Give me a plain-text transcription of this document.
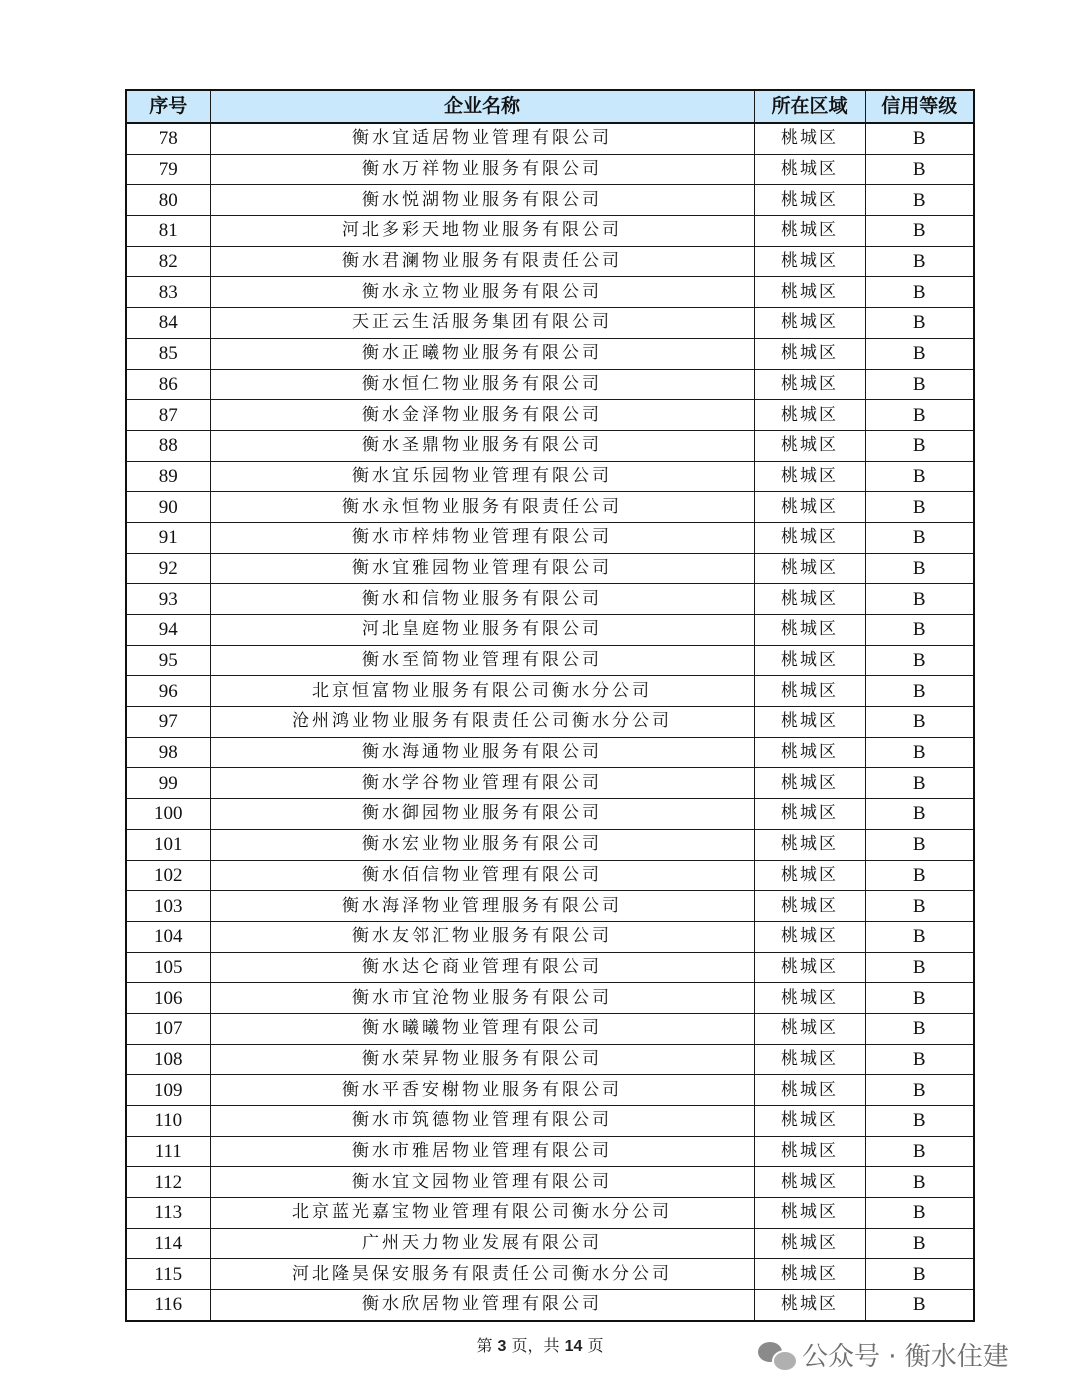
序号	企业名称	所在区域	信用等级
78	衡水宜适居物业管理有限公司	桃城区	B
79	衡水万祥物业服务有限公司	桃城区	B
80	衡水悦湖物业服务有限公司	桃城区	B
81	河北多彩天地物业服务有限公司	桃城区	B
82	衡水君澜物业服务有限责任公司	桃城区	B
83	衡水永立物业服务有限公司	桃城区	B
84	天正云生活服务集团有限公司	桃城区	B
85	衡水正曦物业服务有限公司	桃城区	B
86	衡水恒仁物业服务有限公司	桃城区	B
87	衡水金泽物业服务有限公司	桃城区	B
88	衡水圣鼎物业服务有限公司	桃城区	B
89	衡水宜乐园物业管理有限公司	桃城区	B
90	衡水永恒物业服务有限责任公司	桃城区	B
91	衡水市梓炜物业管理有限公司	桃城区	B
92	衡水宜雅园物业管理有限公司	桃城区	B
93	衡水和信物业服务有限公司	桃城区	B
94	河北皇庭物业服务有限公司	桃城区	B
95	衡水至简物业管理有限公司	桃城区	B
96	北京恒富物业服务有限公司衡水分公司	桃城区	B
97	沧州鸿业物业服务有限责任公司衡水分公司	桃城区	B
98	衡水海通物业服务有限公司	桃城区	B
99	衡水学谷物业管理有限公司	桃城区	B
100	衡水御园物业服务有限公司	桃城区	B
101	衡水宏业物业服务有限公司	桃城区	B
102	衡水佰信物业管理有限公司	桃城区	B
103	衡水海泽物业管理服务有限公司	桃城区	B
104	衡水友邻汇物业服务有限公司	桃城区	B
105	衡水达仑商业管理有限公司	桃城区	B
106	衡水市宜沧物业服务有限公司	桃城区	B
107	衡水曦曦物业管理有限公司	桃城区	B
108	衡水荣昇物业服务有限公司	桃城区	B
109	衡水平香安榭物业服务有限公司	桃城区	B
110	衡水市筑德物业管理有限公司	桃城区	B
111	衡水市雅居物业管理有限公司	桃城区	B
112	衡水宜文园物业管理有限公司	桃城区	B
113	北京蓝光嘉宝物业管理有限公司衡水分公司	桃城区	B
114	广州天力物业发展有限公司	桃城区	B
115	河北隆昊保安服务有限责任公司衡水分公司	桃城区	B
116	衡水欣居物业管理有限公司	桃城区	B
第 3 页，共 14 页	公众号 · 衡水住建
